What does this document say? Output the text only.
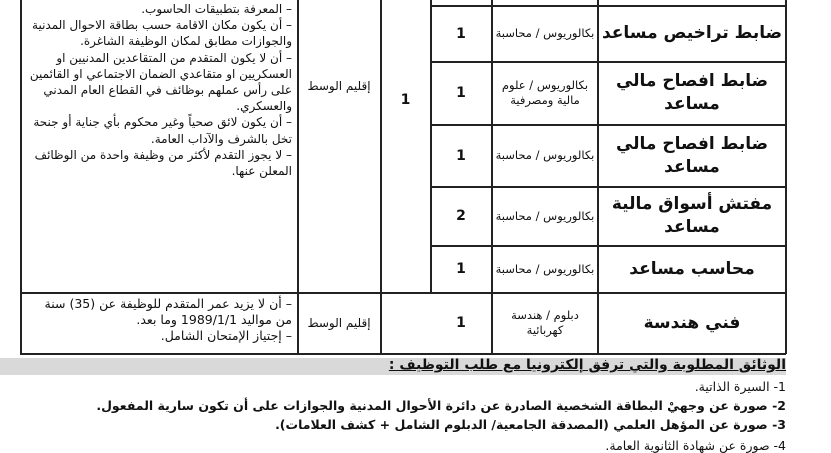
ضابط تراخيص مساعد
ضابط افصاح مالي مساعد
ضابط افصاح مالي مساعد
مفتش أسواق مالية مساعد
محاسب مساعد
فني هندسة
بكالوريوس / محاسبة
بكالوريوس / علوم مالية ومصرفية
بكالوريوس / محاسبة
بكالوريوس / محاسبة
بكالوريوس / محاسبة
دبلوم / هندسة كهربائية
1
1
1
2
1
1
1
إقليم الوسط
إقليم الوسط
– المعرفة بتطبيقات الحاسوب.
– أن يكون مكان الاقامة حسب بطاقة الاحوال المدنية والجوازات مطابق لمكان الوظيفة الشاغرة.
– أن لا يكون المتقدم من المتقاعدين المدنيين او العسكريين او متقاعدي الضمان الاجتماعي او القائمين على رأس عملهم بوظائف في القطاع العام المدني والعسكري.
– أن يكون لائق صحياً وغير محكوم بأي جناية أو جنحة تخل بالشرف والآداب العامة.
– لا يجوز التقدم لأكثر من وظيفة واحدة من الوظائف المعلن عنها.
– أن لا يزيد عمر المتقدم للوظيفة عن (35) سنة من مواليد 1989/1/1 وما بعد.
– إجتياز الإمتحان الشامل.
الوثائق المطلوبة والتي ترفق إلكترونيا مع طلب التوظيف :
1- السيرة الذاتية.
2- صورة عن وجهيْ البطاقة الشخصية الصادرة عن دائرة الأحوال المدنية والجوازات على أن تكون سارية المفعول.
3- صورة عن المؤهل العلمي (المصدقة الجامعية/ الدبلوم الشامل + كشف العلامات).
4- صورة عن شهادة الثانوية العامة.
